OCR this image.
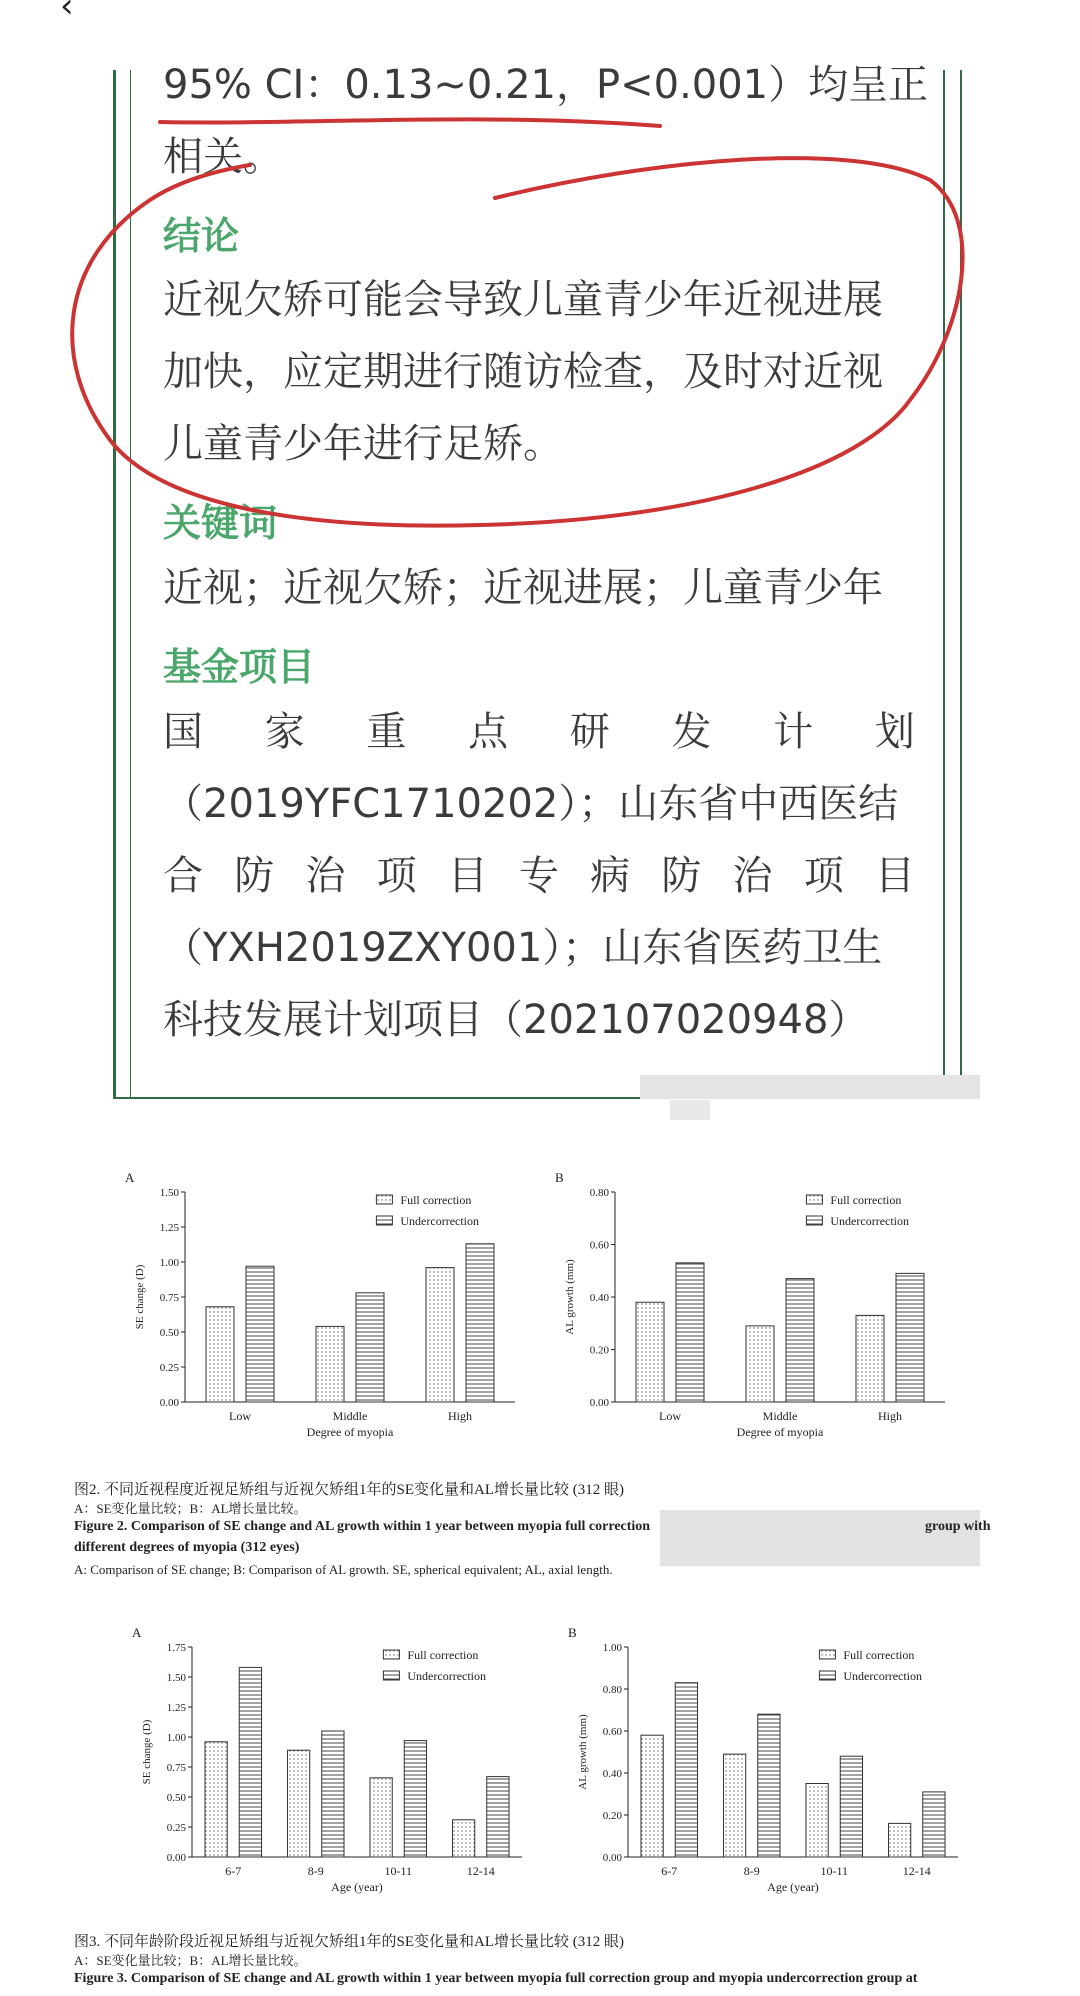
‹
95% CI：0.13~0.21，P<0.001）均呈正
相关。
结论
近视欠矫可能会导致儿童青少年近视进展
加快，应定期进行随访检查，及时对近视
儿童青少年进行足矫。
关键词
近视；近视欠矫；近视进展；儿童青少年
基金项目
国 家 重 点 研 发 计 划
（2019YFC1710202）；山东省中西医结
合 防 治 项 目 专 病 防 治 项 目
（YXH2019ZXY001）；山东省医药卫生
科技发展计划项目（202107020948）
A
0.00
0.25
0.50
0.75
1.00
1.25
1.50
Low	Middle	High
Degree of myopia
SE change (D)
Full correction
Undercorrection
B
0.00
0.20
0.40
0.60
0.80
Low	Middle	High
Degree of myopia
AL growth (mm)
Full correction
Undercorrection
图2. 不同近视程度近视足矫组与近视欠矫组1年的SE变化量和AL增长量比较 (312 眼)
A：SE变化量比较；B：AL增长量比较。
Figure 2. Comparison of SE change and AL growth within 1 year between myopia full correction	group with
different degrees of myopia (312 eyes)
A: Comparison of SE change; B: Comparison of AL growth. SE, spherical equivalent; AL, axial length.
A
0.00
0.25
0.50
0.75
1.00
1.25
1.50
1.75
6-7	8-9	10-11	12-14
Age (year)
SE change (D)
Full correction
Undercorrection
B
0.00
0.20
0.40
0.60
0.80
1.00
6-7	8-9	10-11	12-14
Age (year)
AL growth (mm)
Full correction
Undercorrection
图3. 不同年龄阶段近视足矫组与近视欠矫组1年的SE变化量和AL增长量比较 (312 眼)
A：SE变化量比较；B：AL增长量比较。
Figure 3. Comparison of SE change and AL growth within 1 year between myopia full correction group and myopia undercorrection group at
